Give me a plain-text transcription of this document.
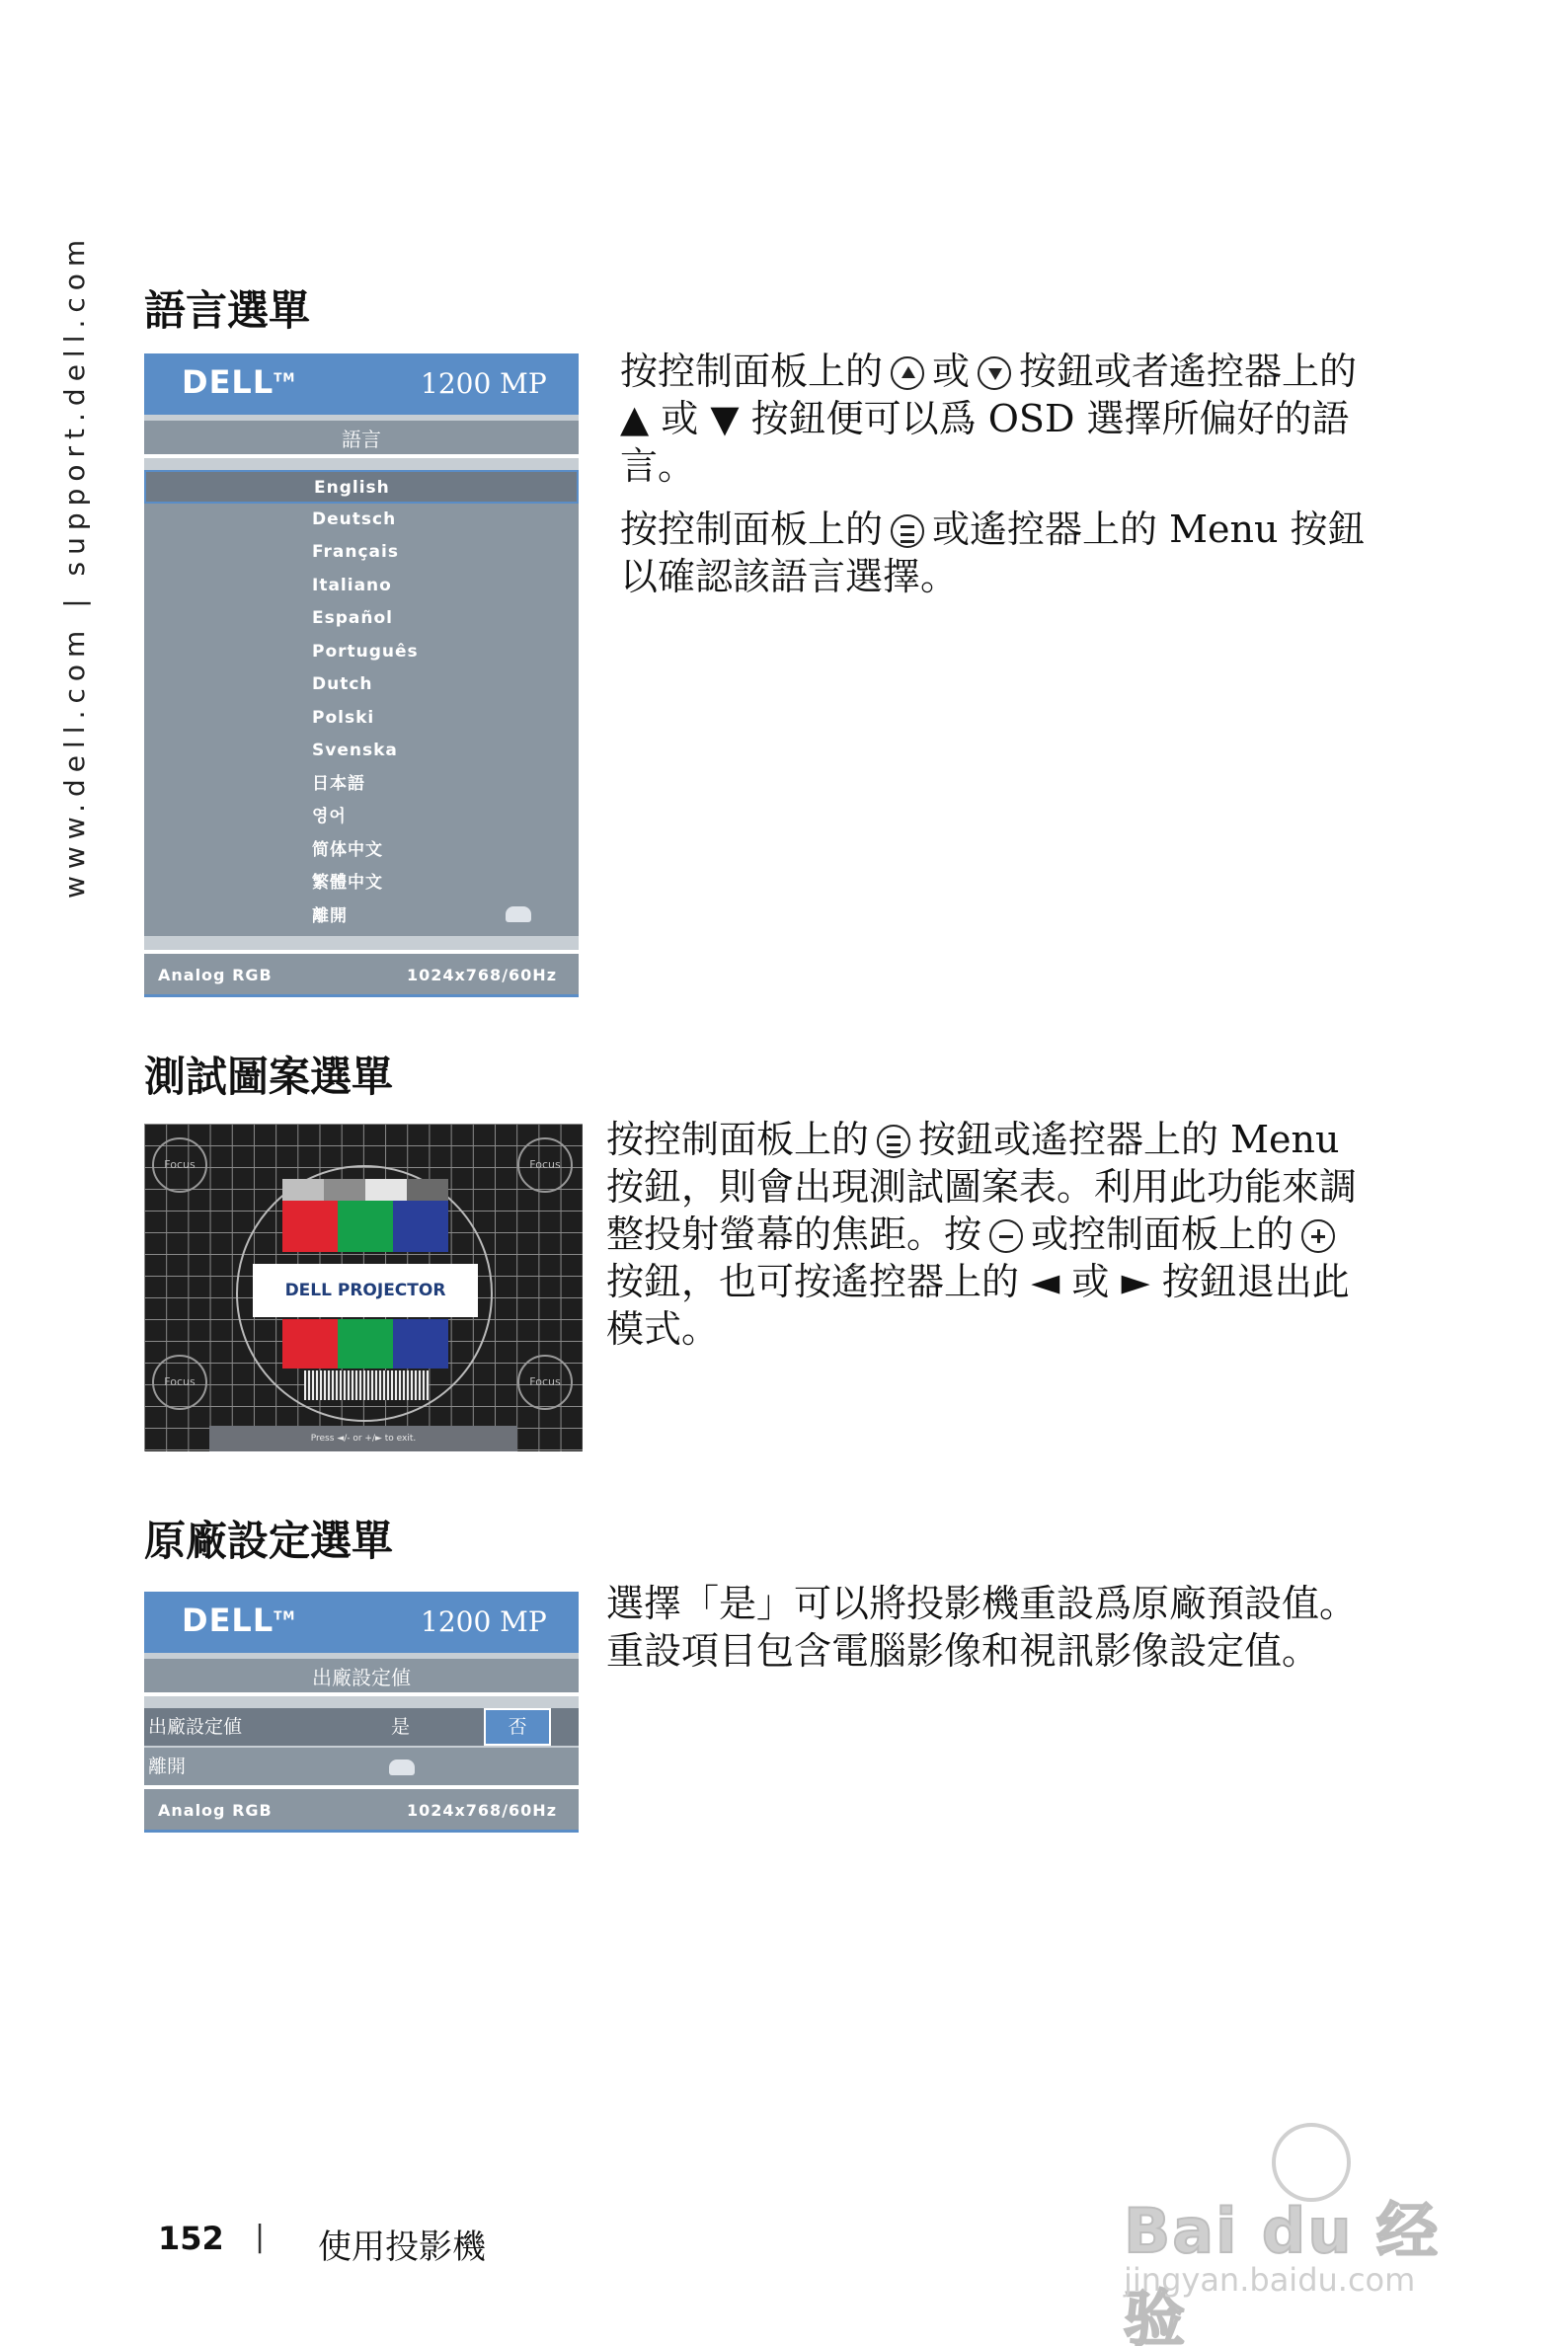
www.dell.com | support.dell.com 語言選單
DELL™	1200 MP
語言
English
Deutsch
Français
Italiano
Español
Português
Dutch
Polski
Svenska
日本語
영어
简体中文
繁體中文
離開
Analog RGB	1024x768/60Hz

按控制面板上的 或 按鈕或者遙控器上的 ▲ 或 ▼ 按鈕便可以爲 OSD 選擇所偏好的語言。

按控制面板上的 或遙控器上的 Menu 按鈕以確認該語言選擇。

測試圖案選單
Focus	Focus
Focus	Focus
DELL PROJECTOR
Press ◄/- or +/► to exit.

按控制面板上的 按鈕或遙控器上的 Menu 按鈕，則會出現測試圖案表。利用此功能來調整投射螢幕的焦距。按 或控制面板上的按鈕，也可按遙控器上的 ◄ 或 ► 按鈕退出此模式。

原廠設定選單
DELL™	1200 MP
出廠設定値
出廠設定値	是	否
離開
Analog RGB	1024x768/60Hz

選擇「是」可以將投影機重設爲原廠預設值。重設項目包含電腦影像和視訊影像設定值。

152 | 使用投影機	Bai du 经验
jingyan.baidu.com
